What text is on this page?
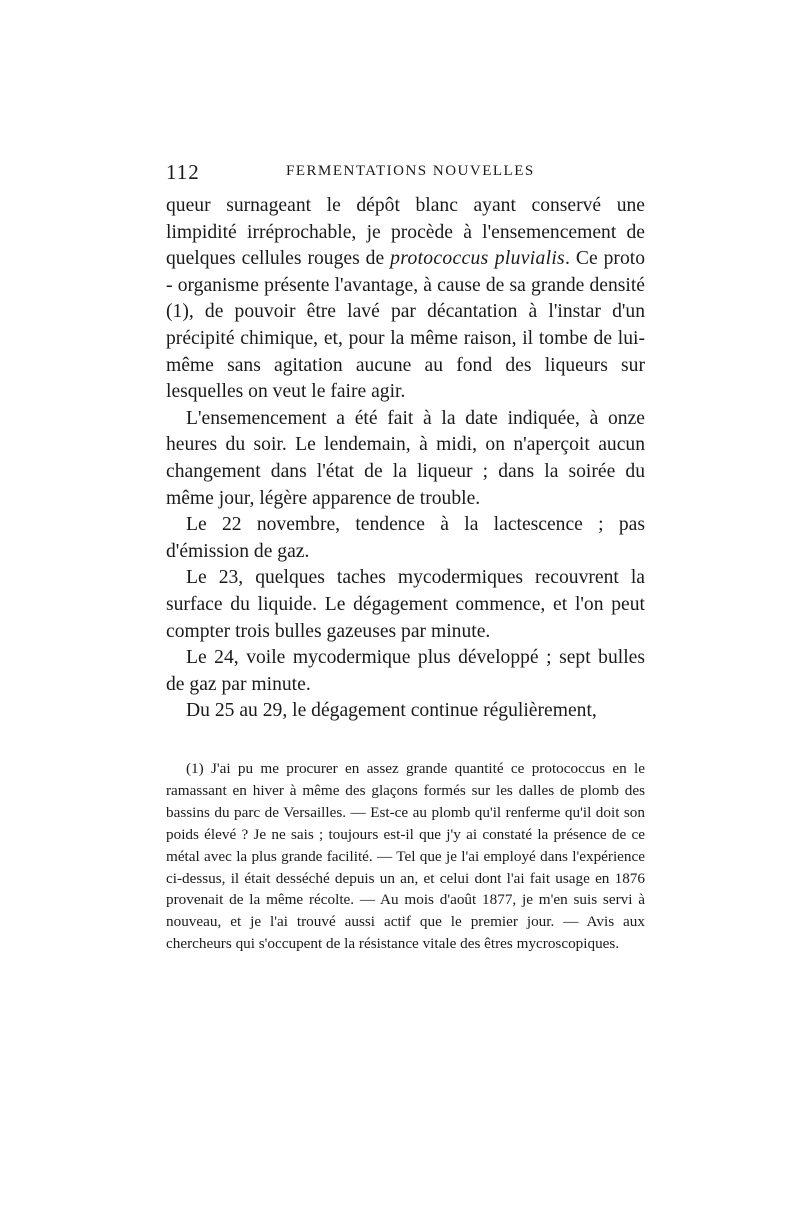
112	FERMENTATIONS NOUVELLES

queur surnageant le dépôt blanc ayant conservé une limpidité irréprochable, je procède à l'ensemencement de quelques cellules rouges de protococcus pluvialis. Ce proto - organisme présente l'avantage, à cause de sa grande densité (1), de pouvoir être lavé par décantation à l'instar d'un précipité chimique, et, pour la même raison, il tombe de lui-même sans agitation aucune au fond des liqueurs sur lesquelles on veut le faire agir.

L'ensemencement a été fait à la date indiquée, à onze heures du soir. Le lendemain, à midi, on n'aperçoit aucun changement dans l'état de la liqueur ; dans la soirée du même jour, légère apparence de trouble.

Le 22 novembre, tendence à la lactescence ; pas d'émission de gaz.

Le 23, quelques taches mycodermiques recouvrent la surface du liquide. Le dégagement commence, et l'on peut compter trois bulles gazeuses par minute.

Le 24, voile mycodermique plus développé ; sept bulles de gaz par minute.

Du 25 au 29, le dégagement continue régulièrement,

(1) J'ai pu me procurer en assez grande quantité ce protococcus en le ramassant en hiver à même des glaçons formés sur les dalles de plomb des bassins du parc de Versailles. — Est-ce au plomb qu'il renferme qu'il doit son poids élevé ? Je ne sais ; toujours est-il que j'y ai constaté la présence de ce métal avec la plus grande facilité. — Tel que je l'ai employé dans l'expérience ci-dessus, il était desséché depuis un an, et celui dont l'ai fait usage en 1876 provenait de la même récolte. — Au mois d'août 1877, je m'en suis servi à nouveau, et je l'ai trouvé aussi actif que le premier jour. — Avis aux chercheurs qui s'occupent de la résistance vitale des êtres mycroscopiques.
